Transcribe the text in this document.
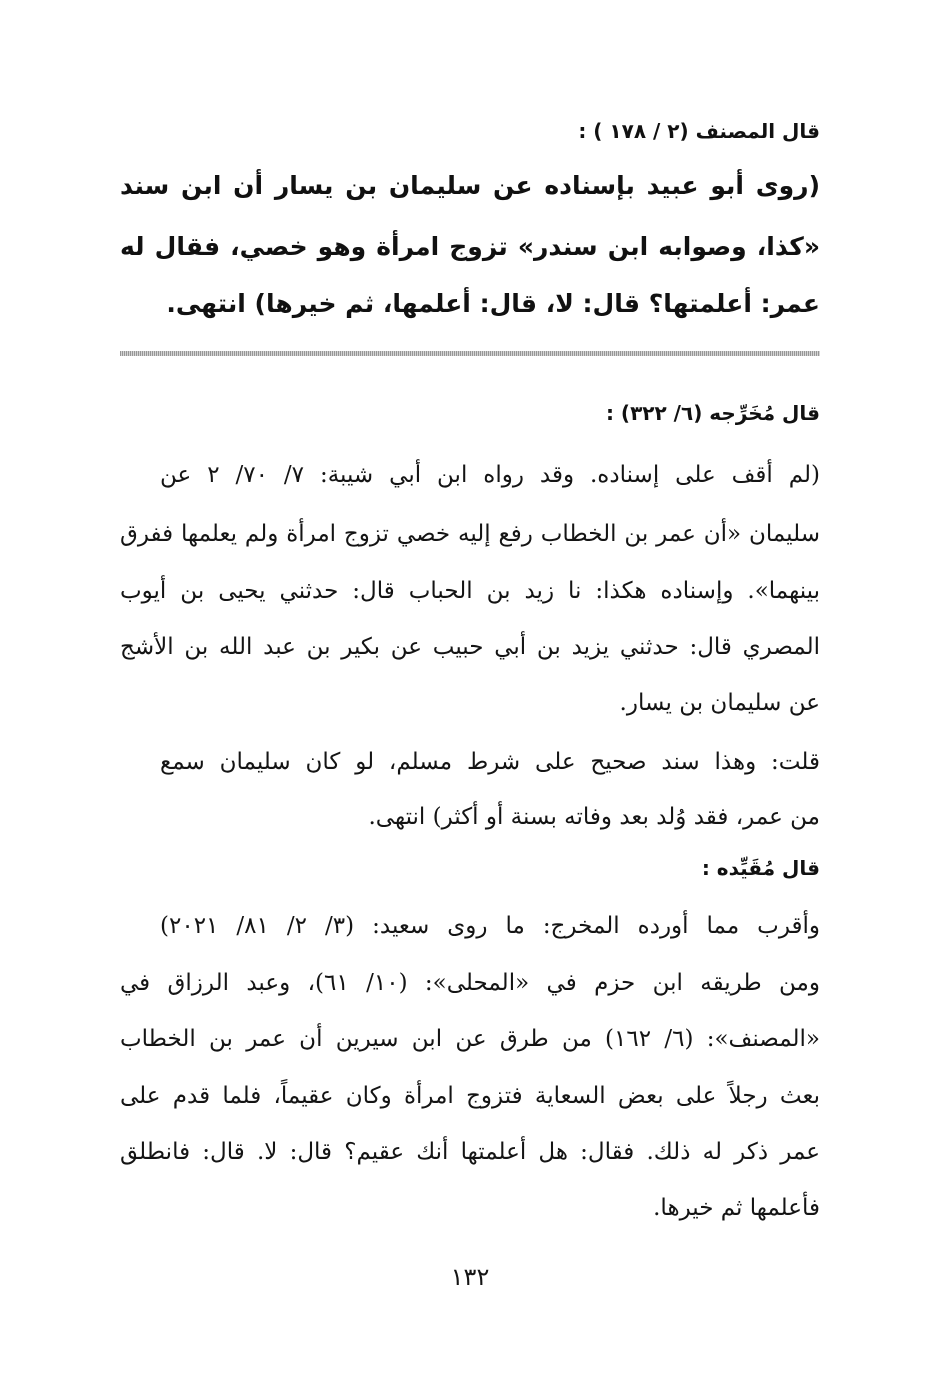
قال المصنف (٢ / ١٧٨ ) :
(روى أبو عبيد بإسناده عن سليمان بن يسار أن ابن سند
«كذا، وصوابه ابن سندر» تزوج امرأة وهو خصي، فقال له
عمر: أعلمتها؟ قال: لا، قال: أعلمها، ثم خيرها) انتهى.
قال مُخَرِّجه (٦/ ٣٢٢) :
(لم أقف على إسناده. وقد رواه ابن أبي شيبة: ٧/ ٧٠/ ٢ عن
سليمان «أن عمر بن الخطاب رفع إليه خصي تزوج امرأة ولم يعلمها ففرق
بينهما». وإسناده هكذا: نا زيد بن الحباب قال: حدثني يحيى بن أيوب
المصري قال: حدثني يزيد بن أبي حبيب عن بكير بن عبد الله بن الأشج
عن سليمان بن يسار.
قلت: وهذا سند صحيح على شرط مسلم، لو كان سليمان سمع
من عمر، فقد وُلد بعد وفاته بسنة أو أكثر) انتهى.
قال مُقَيِّده :
وأقرب مما أورده المخرج: ما روى سعيد: (٣/ ٢/ ٨١/ ٢٠٢١)
ومن طريقه ابن حزم في «المحلى»: (١٠/ ٦١)، وعبد الرزاق في
«المصنف»: (٦/ ١٦٢) من طرق عن ابن سيرين أن عمر بن الخطاب
بعث رجلاً على بعض السعاية فتزوج امرأة وكان عقيماً، فلما قدم على
عمر ذكر له ذلك. فقال: هل أعلمتها أنك عقيم؟ قال: لا. قال: فانطلق
فأعلمها ثم خيرها.
١٣٢
